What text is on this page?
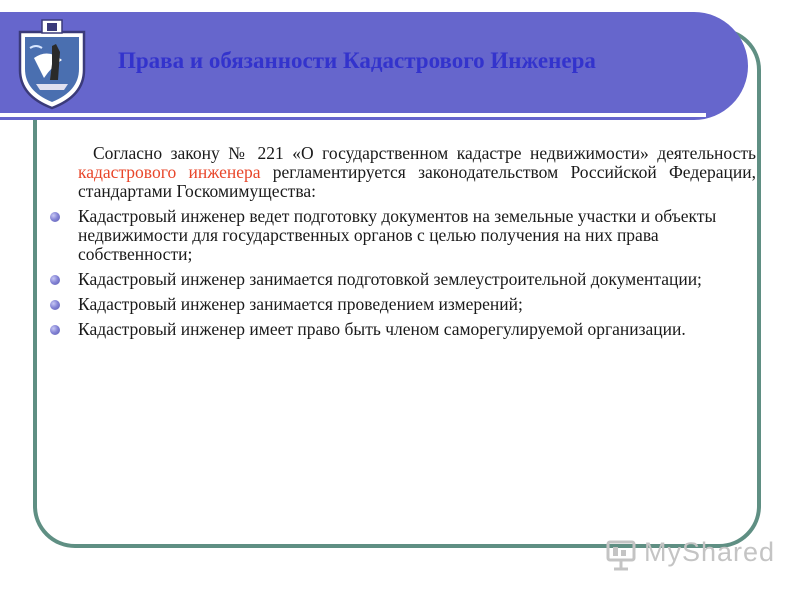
Права и обязанности Кадастрового Инженера

Согласно закону № 221 «О государственном кадастре недвижимости» деятельность кадастрового инженера регламентируется законодательством Российской Федерации, стандартами Госкомимущества:

Кадастровый инженер ведет подготовку документов на земельные участки и объекты недвижимости для государственных органов с целью получения на них права собственности;
Кадастровый инженер занимается подготовкой землеустроительной документации;
Кадастровый инженер занимается проведением измерений;
Кадастровый инженер имеет право быть членом саморегулируемой организации.
MyShared
